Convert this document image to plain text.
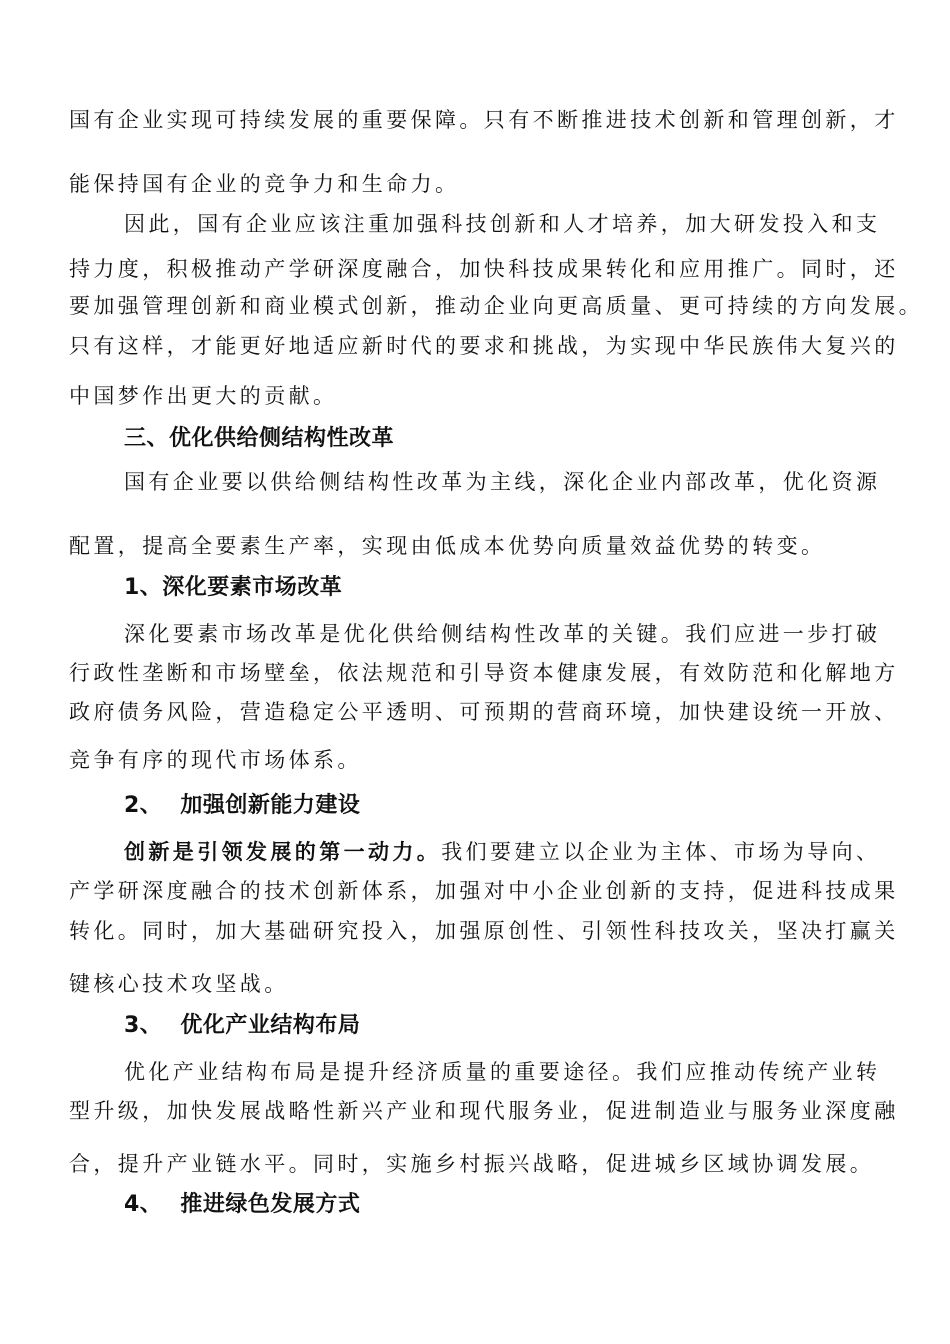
国有企业实现可持续发展的重要保障。只有不断推进技术创新和管理创新，才
能保持国有企业的竞争力和生命力。
因此，国有企业应该注重加强科技创新和人才培养，加大研发投入和支
持力度，积极推动产学研深度融合，加快科技成果转化和应用推广。同时，还
要加强管理创新和商业模式创新，推动企业向更高质量、更可持续的方向发展。
只有这样，才能更好地适应新时代的要求和挑战，为实现中华民族伟大复兴的
中国梦作出更大的贡献。
三、优化供给侧结构性改革
国有企业要以供给侧结构性改革为主线，深化企业内部改革，优化资源
配置，提高全要素生产率，实现由低成本优势向质量效益优势的转变。
1、深化要素市场改革
深化要素市场改革是优化供给侧结构性改革的关键。我们应进一步打破
行政性垄断和市场壁垒，依法规范和引导资本健康发展，有效防范和化解地方
政府债务风险，营造稳定公平透明、可预期的营商环境，加快建设统一开放、
竞争有序的现代市场体系。
2、 加强创新能力建设
创新是引领发展的第一动力。我们要建立以企业为主体、市场为导向、
产学研深度融合的技术创新体系，加强对中小企业创新的支持，促进科技成果
转化。同时，加大基础研究投入，加强原创性、引领性科技攻关，坚决打赢关
键核心技术攻坚战。
3、 优化产业结构布局
优化产业结构布局是提升经济质量的重要途径。我们应推动传统产业转
型升级，加快发展战略性新兴产业和现代服务业，促进制造业与服务业深度融
合，提升产业链水平。同时，实施乡村振兴战略，促进城乡区域协调发展。
4、 推进绿色发展方式
